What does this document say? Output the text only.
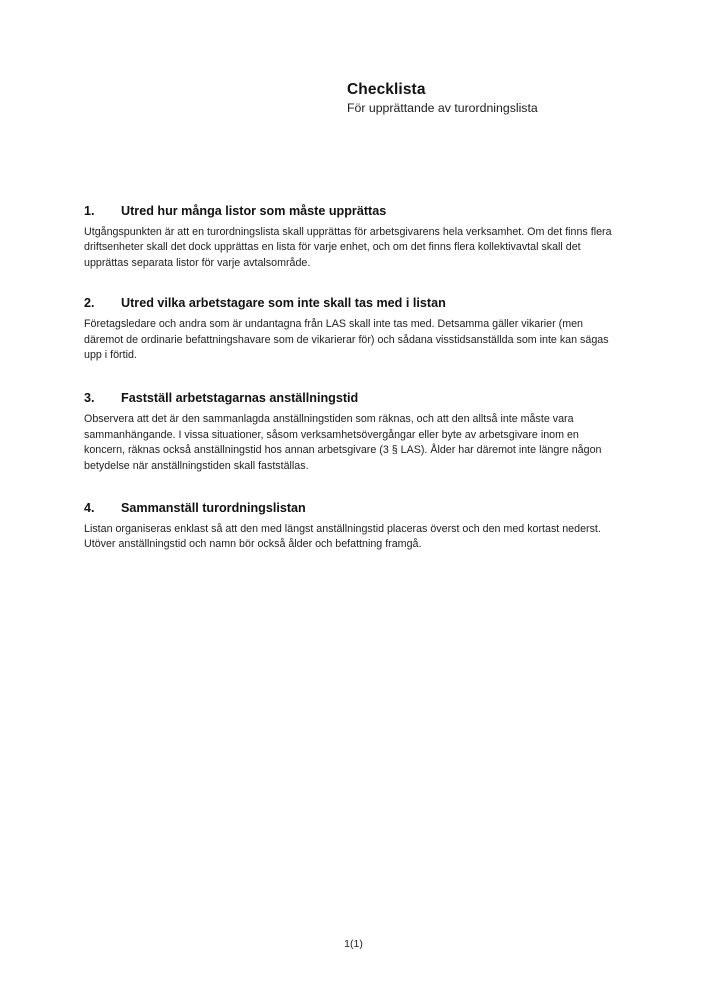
Checklista
För upprättande av turordningslista
1.	Utred hur många listor som måste upprättas

Utgångspunkten är att en turordningslista skall upprättas för arbetsgivarens hela verksamhet. Om det finns flera driftsenheter skall det dock upprättas en lista för varje enhet, och om det finns flera kollektivavtal skall det upprättas separata listor för varje avtalsområde.

2.	Utred vilka arbetstagare som inte skall tas med i listan

Företagsledare och andra som är undantagna från LAS skall inte tas med. Detsamma gäller vikarier (men däremot de ordinarie befattningshavare som de vikarierar för) och sådana visstidsanställda som inte kan sägas upp i förtid.

3.	Fastställ arbetstagarnas anställningstid

Observera att det är den sammanlagda anställningstiden som räknas, och att den alltså inte måste vara sammanhängande. I vissa situationer, såsom verksamhetsövergångar eller byte av arbetsgivare inom en koncern, räknas också anställningstid hos annan arbetsgivare (3 § LAS). Ålder har däremot inte längre någon betydelse när anställningstiden skall fastställas.

4.	Sammanställ turordningslistan

Listan organiseras enklast så att den med längst anställningstid placeras överst och den med kortast nederst. Utöver anställningstid och namn bör också ålder och befattning framgå.

1(1)
